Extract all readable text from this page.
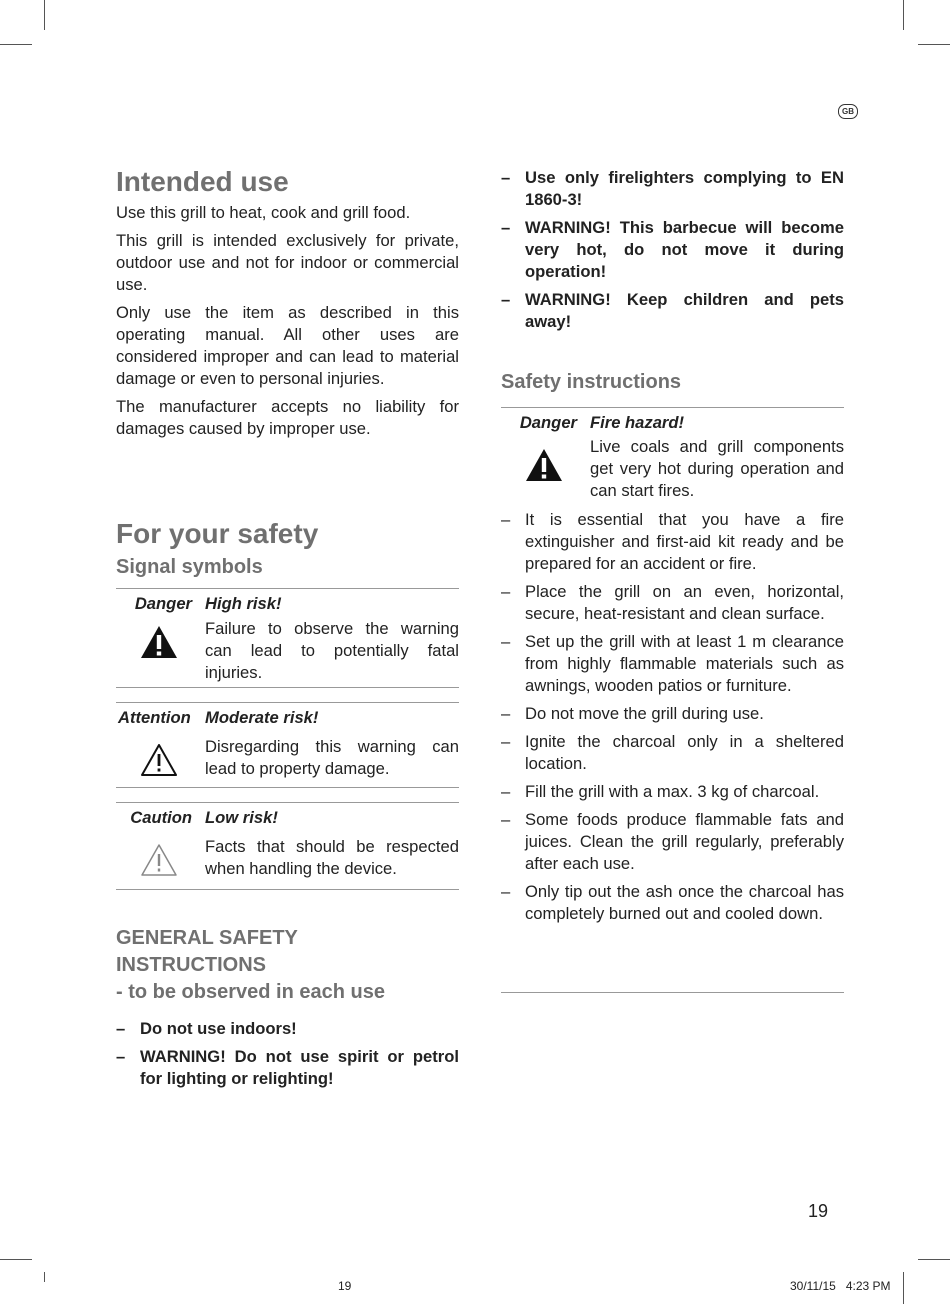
GB
Intended use

Use this grill to heat, cook and grill food.

This grill is intended exclusively for private, outdoor use and not for indoor or commercial use.

Only use the item as described in this operating manual. All other uses are considered improper and can lead to material damage or even to personal injuries.

The manufacturer accepts no liability for damages caused by improper use.

For your safety
Signal symbols
Danger High risk!
Failure to observe the warning can lead to potentially fatal injuries.
Attention Moderate risk!
Disregarding this warning can lead to property damage.
Caution Low risk!
Facts that should be respected when handling the device.
GENERAL SAFETY
INSTRUCTIONS
- to be observed in each use
– Do not use indoors!
– WARNING! Do not use spirit or petrol for lighting or relighting!
– Use only firelighters complying to EN 1860-3!
– WARNING! This barbecue will become very hot, do not move it during operation!
– WARNING! Keep children and pets away!
Safety instructions
Danger Fire hazard!
Live coals and grill components get very hot during operation and can start fires.
– It is essential that you have a fire extinguisher and first-aid kit ready and be prepared for an accident or fire.
– Place the grill on an even, horizontal, secure, heat-resistant and clean surface.
– Set up the grill with at least 1 m clearance from highly flammable materials such as awnings, wooden patios or furniture.
– Do not move the grill during use.
– Ignite the charcoal only in a sheltered location.
– Fill the grill with a max. 3 kg of charcoal.
– Some foods produce flammable fats and juices. Clean the grill regularly, preferably after each use.
– Only tip out the ash once the charcoal has completely burned out and cooled down.
19
19	30/11/15   4:23 PM
